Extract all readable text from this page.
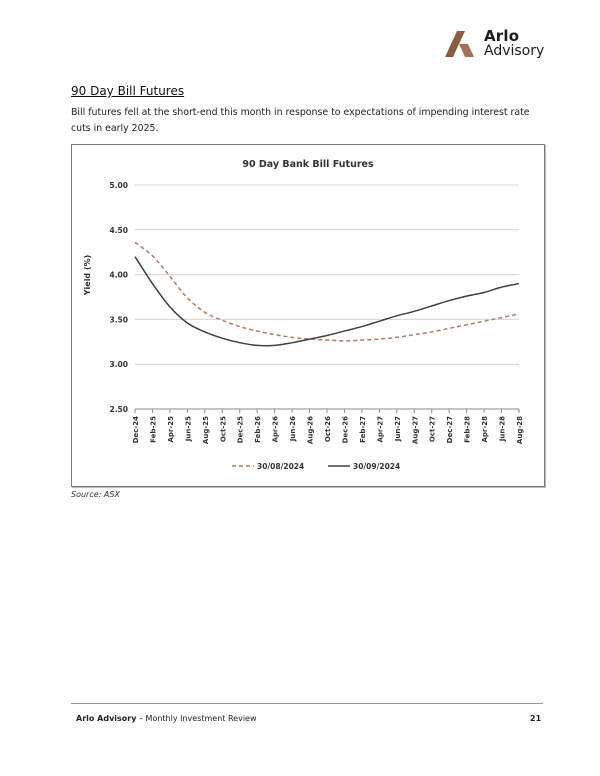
Arlo
Advisory
90 Day Bill Futures
Bill futures fell at the short-end this month in response to expectations of impending interest rate cuts in early 2025.
90 Day Bank Bill Futures
Yield (%)
5.00
4.50
4.00
3.50
3.00
2.50
Dec-24 Feb-25 Apr-25 Jun-25 Aug-25 Oct-25 Dec-25 Feb-26 Apr-26 Jun-26 Aug-26 Oct-26 Dec-26 Feb-27 Apr-27 Jun-27 Aug-27 Oct-27 Dec-27 Feb-28 Apr-28 Jun-28 Aug-28
30/08/2024	30/09/2024
Source: ASX
Arlo Advisory – Monthly Investment Review	21
